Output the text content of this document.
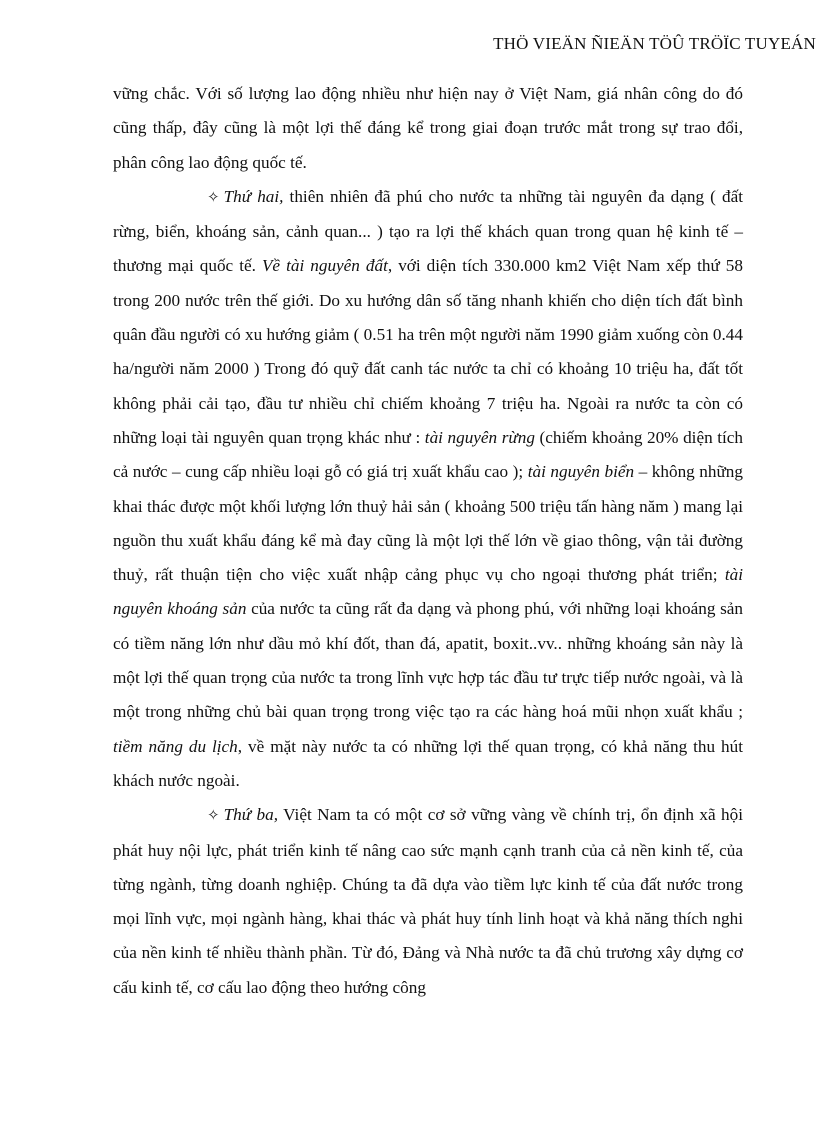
THÖ VIEÄN ÑIEÄN TÖÛ TRÖÏC TUYEÁN

vững chắc. Với số lượng lao động nhiều như hiện nay ở Việt Nam, giá nhân công do đó cũng thấp, đây cũng là một lợi thế đáng kể trong giai đoạn trước mắt trong sự trao đổi, phân công lao động quốc tế.

✧ Thứ hai, thiên nhiên đã phú cho nước ta những tài nguyên đa dạng ( đất rừng, biển, khoáng sản, cảnh quan... ) tạo ra lợi thế khách quan trong quan hệ kinh tế – thương mại quốc tế. Về tài nguyên đất, với diện tích 330.000 km2 Việt Nam xếp thứ 58 trong 200 nước trên thế giới. Do xu hướng dân số tăng nhanh khiến cho diện tích đất bình quân đầu người có xu hướng giảm ( 0.51 ha trên một người năm 1990 giảm xuống còn 0.44 ha/người năm 2000 ) Trong đó quỹ đất canh tác nước ta chỉ có khoảng 10 triệu ha, đất tốt không phải cải tạo, đầu tư nhiều chỉ chiếm khoảng 7 triệu ha. Ngoài ra nước ta còn có những loại tài nguyên quan trọng khác như : tài nguyên rừng (chiếm khoảng 20% diện tích cả nước – cung cấp nhiều loại gỗ có giá trị xuất khẩu cao ); tài nguyên biển – không những khai thác được một khối lượng lớn thuỷ hải sản ( khoảng 500 triệu tấn hàng năm ) mang lại nguồn thu xuất khẩu đáng kể mà đay cũng là một lợi thế lớn về giao thông, vận tải đường thuỷ, rất thuận tiện cho việc xuất nhập cảng phục vụ cho ngoại thương phát triển; tài nguyên khoáng sản của nước ta cũng rất đa dạng và phong phú, với những loại khoáng sản có tiềm năng lớn như dầu mỏ khí đốt, than đá, apatit, boxit..vv.. những khoáng sản này là một lợi thế quan trọng của nước ta trong lĩnh vực hợp tác đầu tư trực tiếp nước ngoài, và là một trong những chủ bài quan trọng trong việc tạo ra các hàng hoá mũi nhọn xuất khẩu ; tiềm năng du lịch, về mặt này nước ta có những lợi thế quan trọng, có khả năng thu hút khách nước ngoài.

✧ Thứ ba, Việt Nam ta có một cơ sở vững vàng về chính trị, ổn định xã hội phát huy nội lực, phát triển kinh tế nâng cao sức mạnh cạnh tranh của cả nền kinh tế, của từng ngành, từng doanh nghiệp. Chúng ta đã dựa vào tiềm lực kinh tế của đất nước trong mọi lĩnh vực, mọi ngành hàng, khai thác và phát huy tính linh hoạt và khả năng thích nghi của nền kinh tế nhiều thành phần. Từ đó, Đảng và Nhà nước ta đã chủ trương xây dựng cơ cấu kinh tế, cơ cấu lao động theo hướng công
